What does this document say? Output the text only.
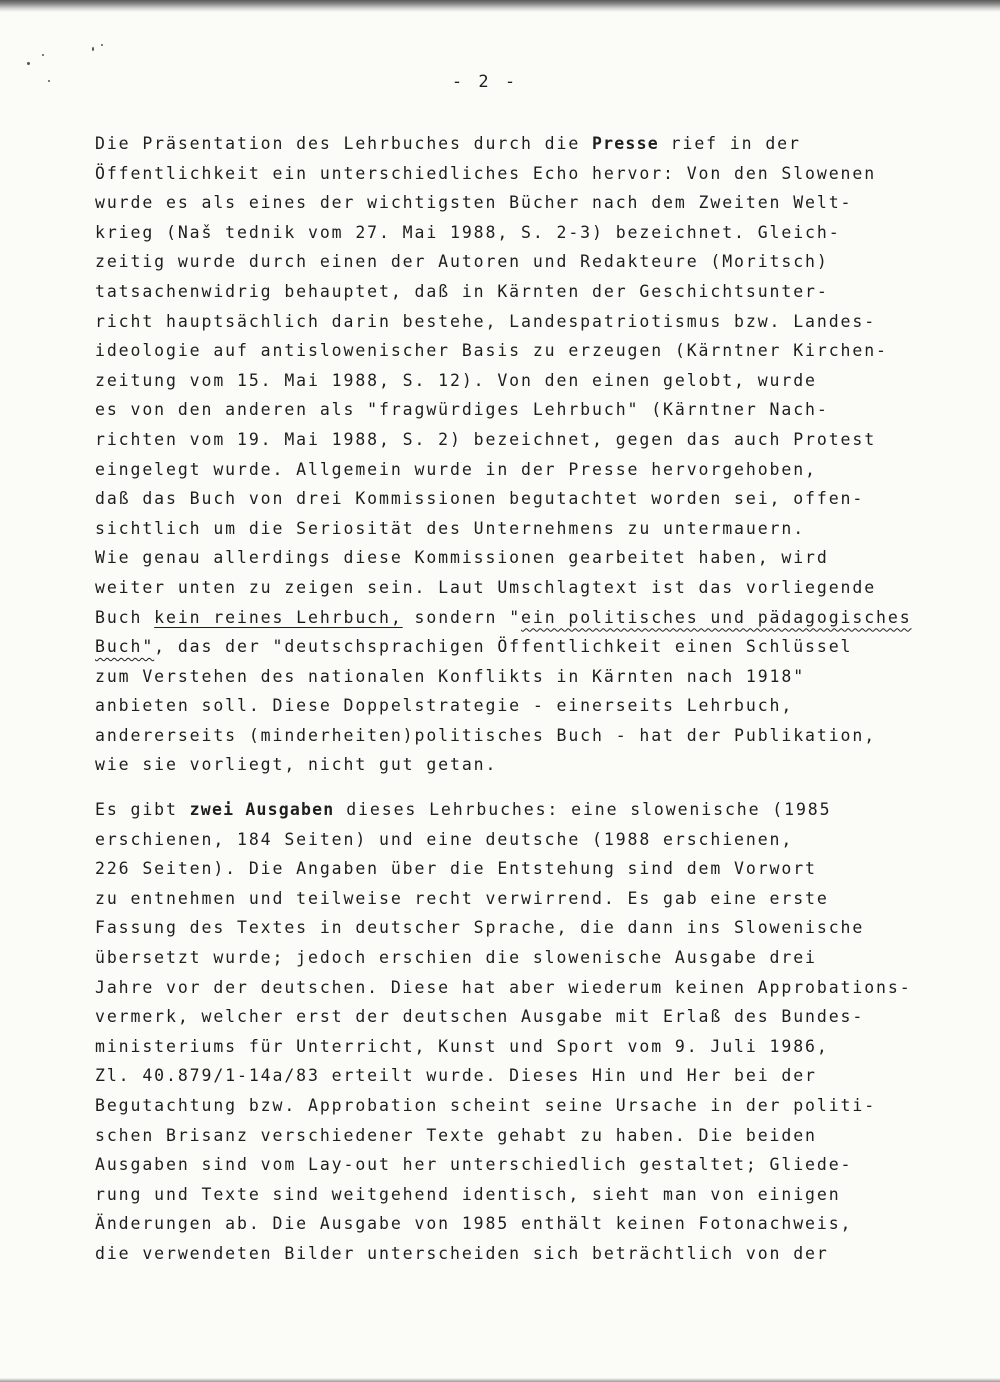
- 2 -
Die Präsentation des Lehrbuches durch die Presse rief in der
Öffentlichkeit ein unterschiedliches Echo hervor: Von den Slowenen
wurde es als eines der wichtigsten Bücher nach dem Zweiten Welt-
krieg (Naš tednik vom 27. Mai 1988, S. 2-3) bezeichnet. Gleich-
zeitig wurde durch einen der Autoren und Redakteure (Moritsch)
tatsachenwidrig behauptet, daß in Kärnten der Geschichtsunter-
richt hauptsächlich darin bestehe, Landespatriotismus bzw. Landes-
ideologie auf antislowenischer Basis zu erzeugen (Kärntner Kirchen-
zeitung vom 15. Mai 1988, S. 12). Von den einen gelobt, wurde
es von den anderen als "fragwürdiges Lehrbuch" (Kärntner Nach-
richten vom 19. Mai 1988, S. 2) bezeichnet, gegen das auch Protest
eingelegt wurde. Allgemein wurde in der Presse hervorgehoben,
daß das Buch von drei Kommissionen begutachtet worden sei, offen-
sichtlich um die Seriosität des Unternehmens zu untermauern.
Wie genau allerdings diese Kommissionen gearbeitet haben, wird
weiter unten zu zeigen sein. Laut Umschlagtext ist das vorliegende
Buch kein reines Lehrbuch, sondern "ein politisches und pädagogisches
Buch", das der "deutschsprachigen Öffentlichkeit einen Schlüssel
zum Verstehen des nationalen Konflikts in Kärnten nach 1918"
anbieten soll. Diese Doppelstrategie - einerseits Lehrbuch,
andererseits (minderheiten)politisches Buch - hat der Publikation,
wie sie vorliegt, nicht gut getan.
Es gibt zwei Ausgaben dieses Lehrbuches: eine slowenische (1985
erschienen, 184 Seiten) und eine deutsche (1988 erschienen,
226 Seiten). Die Angaben über die Entstehung sind dem Vorwort
zu entnehmen und teilweise recht verwirrend. Es gab eine erste
Fassung des Textes in deutscher Sprache, die dann ins Slowenische
übersetzt wurde; jedoch erschien die slowenische Ausgabe drei
Jahre vor der deutschen. Diese hat aber wiederum keinen Approbations-
vermerk, welcher erst der deutschen Ausgabe mit Erlaß des Bundes-
ministeriums für Unterricht, Kunst und Sport vom 9. Juli 1986,
Zl. 40.879/1-14a/83 erteilt wurde. Dieses Hin und Her bei der
Begutachtung bzw. Approbation scheint seine Ursache in der politi-
schen Brisanz verschiedener Texte gehabt zu haben. Die beiden
Ausgaben sind vom Lay-out her unterschiedlich gestaltet; Gliede-
rung und Texte sind weitgehend identisch, sieht man von einigen
Änderungen ab. Die Ausgabe von 1985 enthält keinen Fotonachweis,
die verwendeten Bilder unterscheiden sich beträchtlich von der
